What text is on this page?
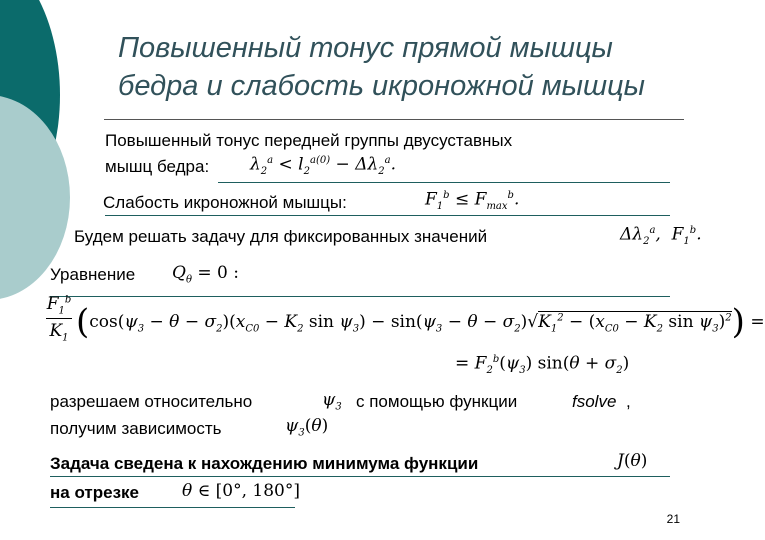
Повышенный тонус прямой мышцы
бедра и слабость икроножной мышцы
Повышенный тонус передней группы двусуставных
мышц бедра: $\lambda_2^a < l_2^{a(0)} - \Delta\lambda_2^a$.
Слабость икроножной мышцы:	$F_1^b \le F_{max}^b$.
Будем решать задачу для фиксированных значений	$\Delta\lambda_2^a$,  $F_1^b$.
Уравнение $Q_\theta = 0$ :
$F_1^b$
$K_1$ ($\cos(\psi_3 - \theta - \sigma_2)(x_{C0} - K_2$ $\sin \psi_3) - \sin(\psi_3 - \theta - \sigma_2)√K_1^2 - (x_{C0} - K_2$ $\sin \psi_3)^2$) =
= $F_2^b(\psi_3) \sin(\theta + \sigma_2)$
разрешаем относительно	$\psi_3$ с помощью функции	fsolve ,
получим зависимость	$\psi_3(\theta)$
Задача сведена к нахождению минимума функции	J(θ)
на отрезке	θ ∈ [0°, 180°]
21
